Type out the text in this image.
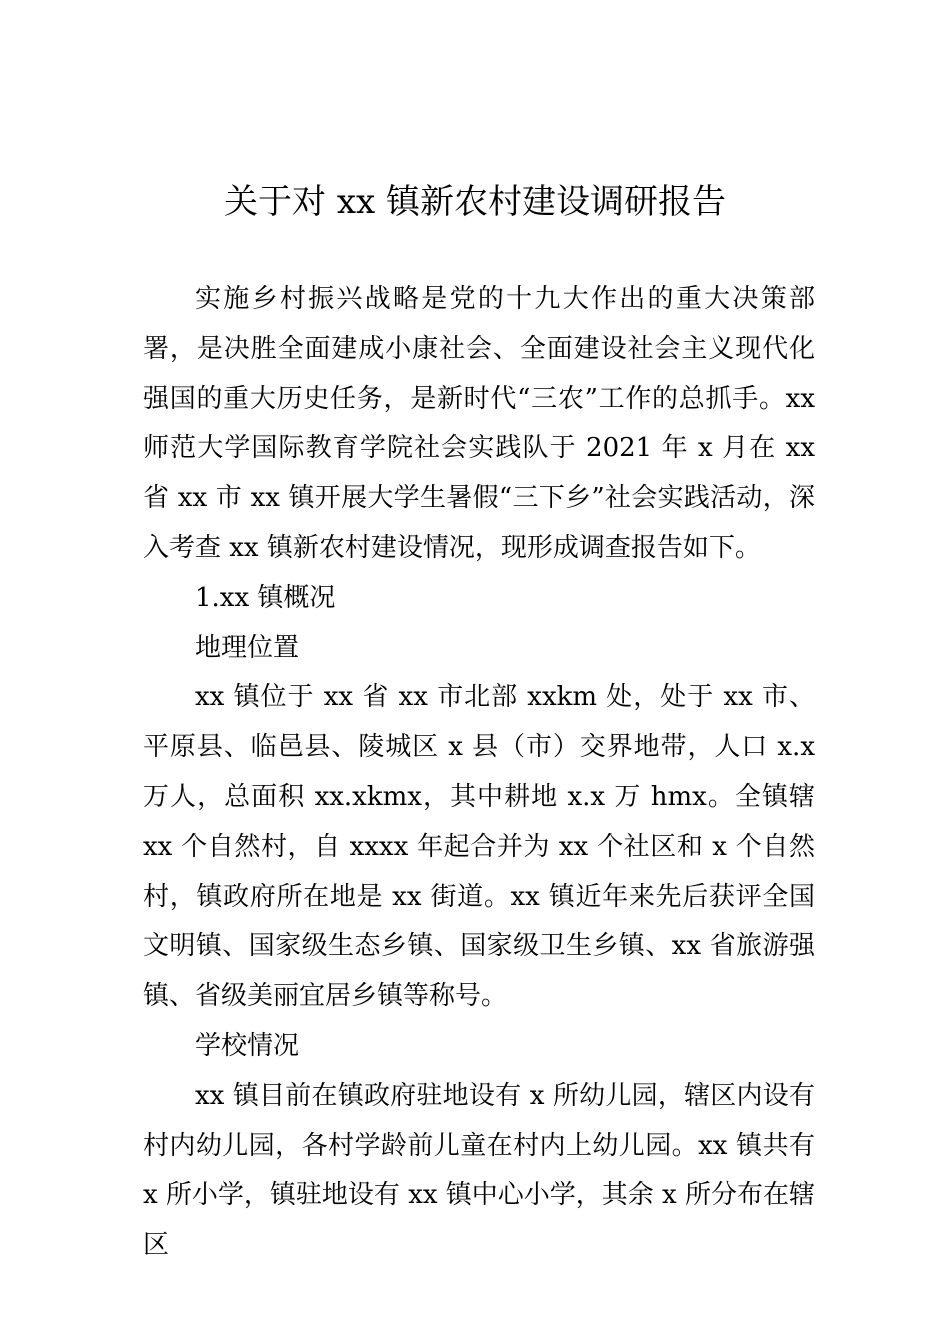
关于对 xx 镇新农村建设调研报告

实施乡村振兴战略是党的十九大作出的重大决策部署，是决胜全面建成小康社会、全面建设社会主义现代化强国的重大历史任务，是新时代“三农”工作的总抓手。xx 师范大学国际教育学院社会实践队于 2021 年 x 月在 xx 省 xx 市 xx 镇开展大学生暑假“三下乡”社会实践活动，深入考查 xx 镇新农村建设情况，现形成调查报告如下。

1.xx 镇概况

地理位置

xx 镇位于 xx 省 xx 市北部 xxkm 处，处于 xx 市、平原县、临邑县、陵城区 x 县（市）交界地带，人口 x.x 万人，总面积 xx.xkmx，其中耕地 x.x 万 hmx。全镇辖 xx 个自然村，自 xxxx 年起合并为 xx 个社区和 x 个自然村，镇政府所在地是 xx 街道。xx 镇近年来先后获评全国文明镇、国家级生态乡镇、国家级卫生乡镇、xx 省旅游强镇、省级美丽宜居乡镇等称号。

学校情况

xx 镇目前在镇政府驻地设有 x 所幼儿园，辖区内设有村内幼儿园，各村学龄前儿童在村内上幼儿园。xx 镇共有 x 所小学，镇驻地设有 xx 镇中心小学，其余 x 所分布在辖区
